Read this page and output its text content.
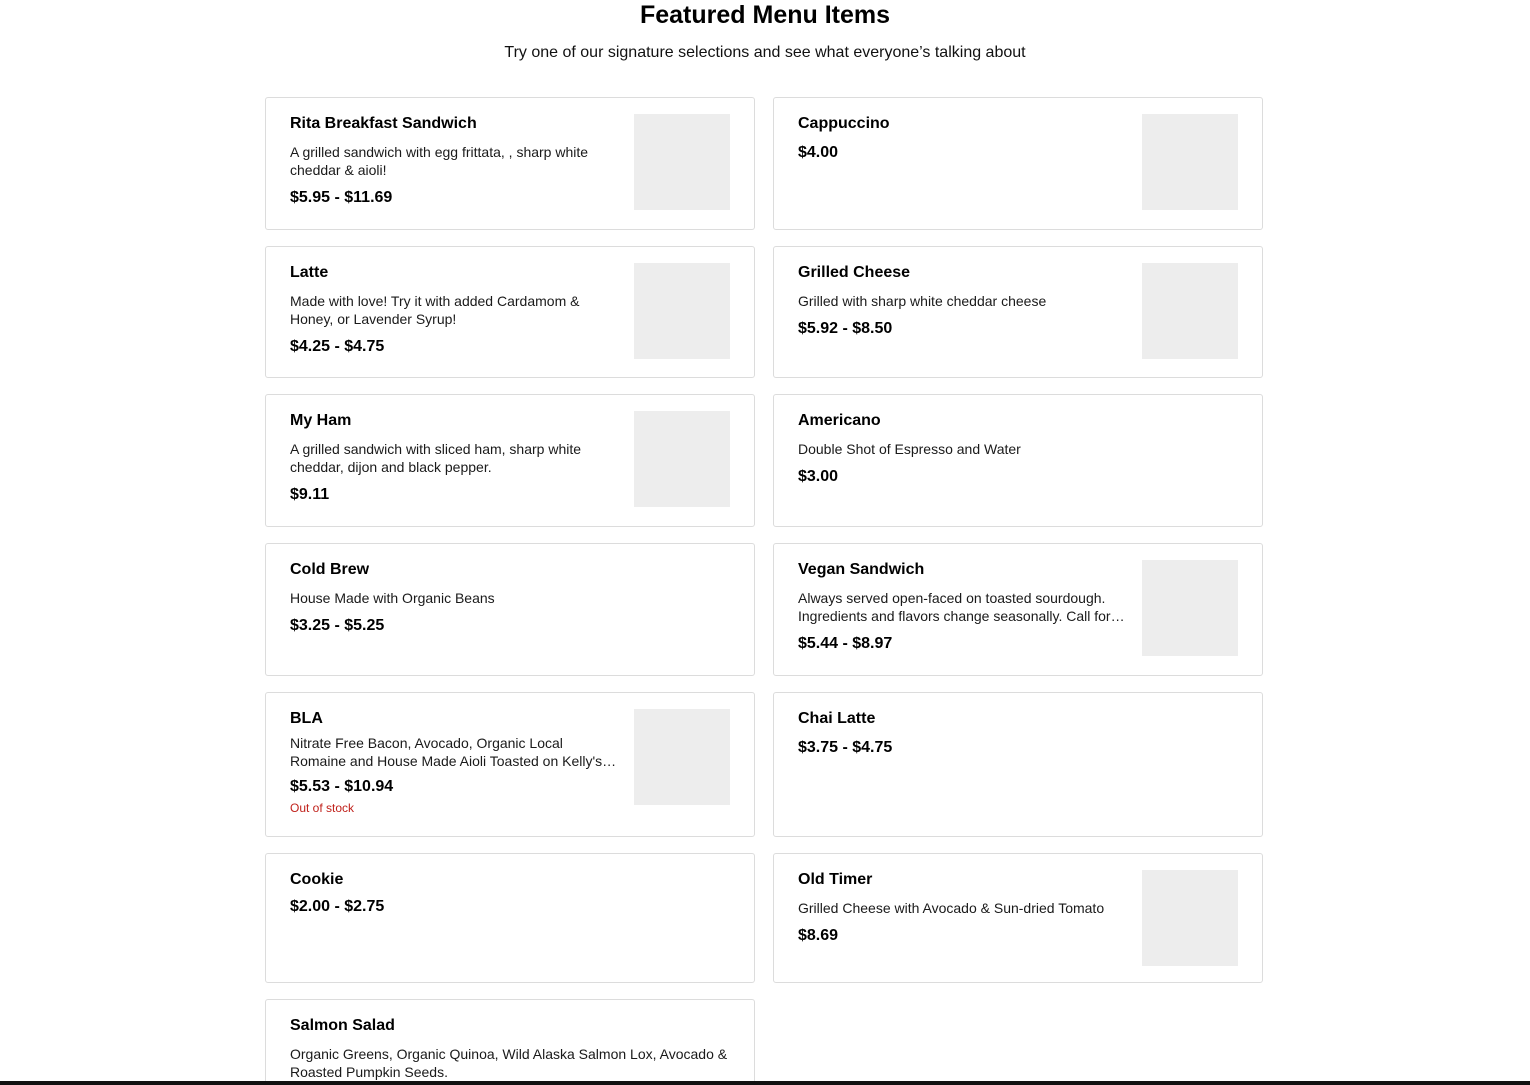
Featured Menu Items
Try one of our signature selections and see what everyone’s talking about
Rita Breakfast Sandwich
A grilled sandwich with egg frittata, , sharp white cheddar & aioli!
$5.95 - $11.69
Cappuccino
$4.00
Latte
Made with love! Try it with added Cardamom & Honey, or Lavender Syrup!
$4.25 - $4.75
Grilled Cheese
Grilled with sharp white cheddar cheese
$5.92 - $8.50
My Ham
A grilled sandwich with sliced ham, sharp white cheddar, dijon and black pepper.
$9.11
Americano
Double Shot of Espresso and Water
$3.00
Cold Brew
House Made with Organic Beans
$3.25 - $5.25
Vegan Sandwich
Always served open-faced on toasted sourdough. Ingredients and flavors change seasonally. Call for
$5.44 - $8.97
BLA
Nitrate Free Bacon, Avocado, Organic Local Romaine and House Made Aioli Toasted on Kelly's
$5.53 - $10.94
Out of stock
Chai Latte
$3.75 - $4.75
Cookie
$2.00 - $2.75
Old Timer
Grilled Cheese with Avocado & Sun-dried Tomato
$8.69
Salmon Salad
Organic Greens, Organic Quinoa, Wild Alaska Salmon Lox, Avocado & Roasted Pumpkin Seeds.
